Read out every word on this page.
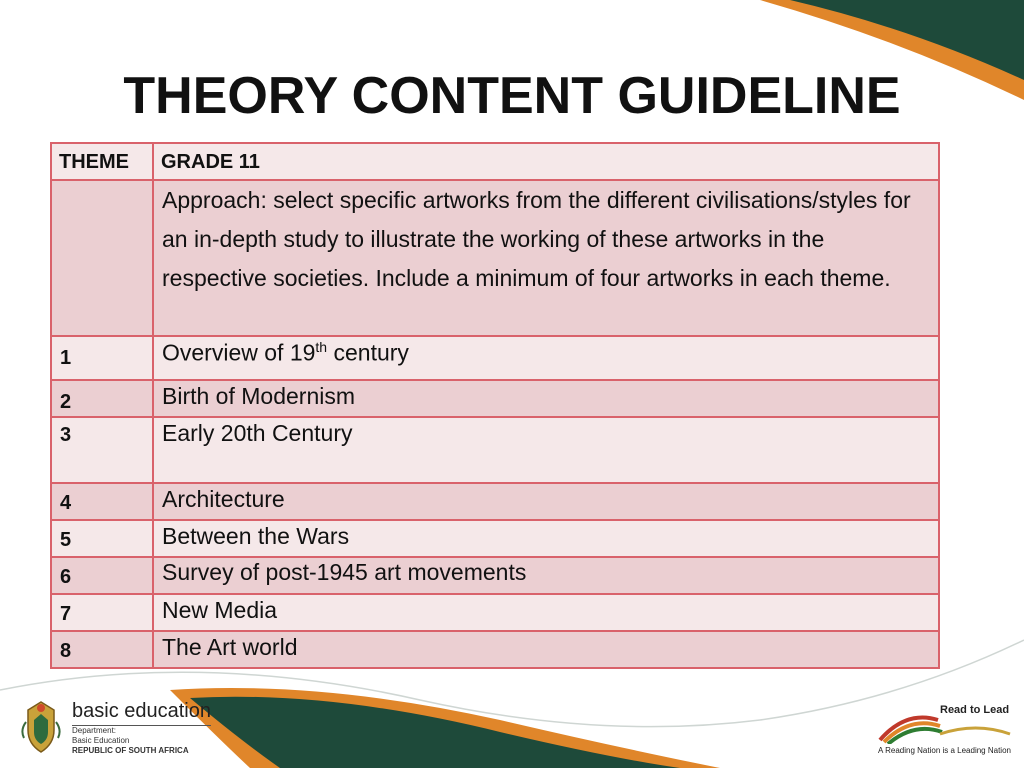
THEORY CONTENT GUIDELINE
THEME	GRADE 11

	Approach: select specific artworks from the different civilisations/styles for an in-depth study to illustrate the working of these artworks in the respective societies. Include a minimum of four artworks in each theme.

1	Overview of 19th century

2	Birth of Modernism

3	Early 20th Century

4	Architecture

5	Between the Wars

6	Survey of post-1945 art movements

7	New Media

8	The Art world
basic education
Department:
Basic Education
REPUBLIC OF SOUTH AFRICA
Read to Lead
A Reading Nation is a Leading Nation
